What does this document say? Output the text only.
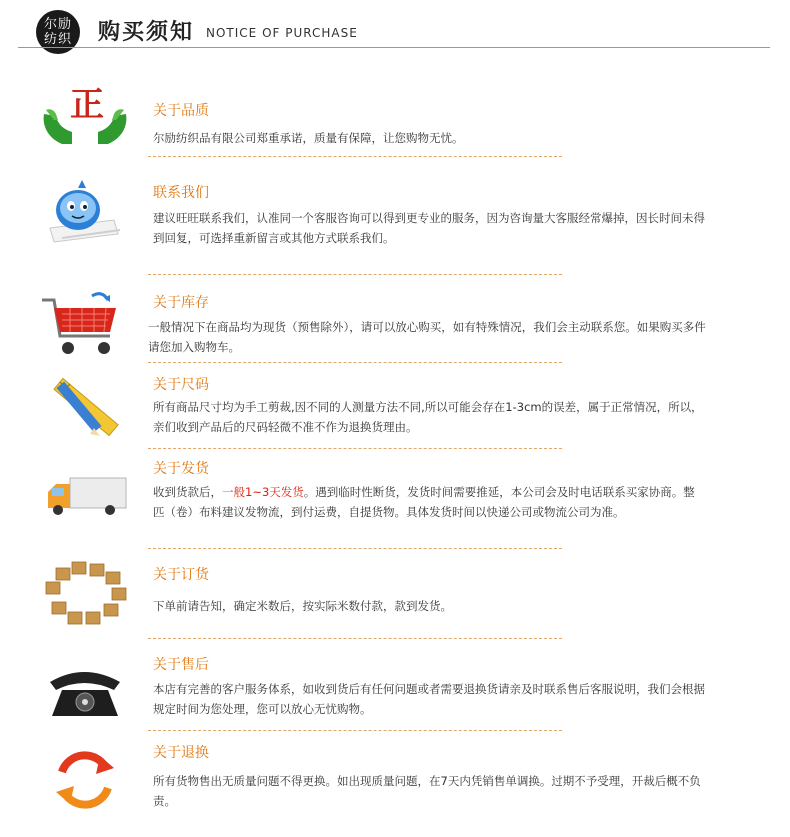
尔励
纺织	购买须知 NOTICE OF PURCHASE
正	关于品质
尔励纺织品有限公司郑重承诺，质量有保障，让您购物无忧。
联系我们
建议旺旺联系我们，认准同一个客服咨询可以得到更专业的服务，因为咨询量大客服经常爆掉，因长时间未得到回复，可选择重新留言或其他方式联系我们。
关于库存
一般情况下在商品均为现货（预售除外），请可以放心购买，如有特殊情况，我们会主动联系您。如果购买多件请您加入购物车。
关于尺码
所有商品尺寸均为手工剪裁,因不同的人测量方法不同,所以可能会存在1-3cm的误差，属于正常情况，所以，亲们收到产品后的尺码轻微不准不作为退换货理由。
关于发货
收到货款后，一般1~3天发货。遇到临时性断货，发货时间需要推延，本公司会及时电话联系买家协商。整匹（卷）布料建议发物流，到付运费，自提货物。具体发货时间以快递公司或物流公司为准。
关于订货
下单前请告知，确定米数后，按实际米数付款，款到发货。
关于售后
本店有完善的客户服务体系，如收到货后有任何问题或者需要退换货请亲及时联系售后客服说明，我们会根据规定时间为您处理，您可以放心无忧购物。
关于退换
所有货物售出无质量问题不得更换。如出现质量问题，在7天内凭销售单调换。过期不予受理，开裁后概不负责。
